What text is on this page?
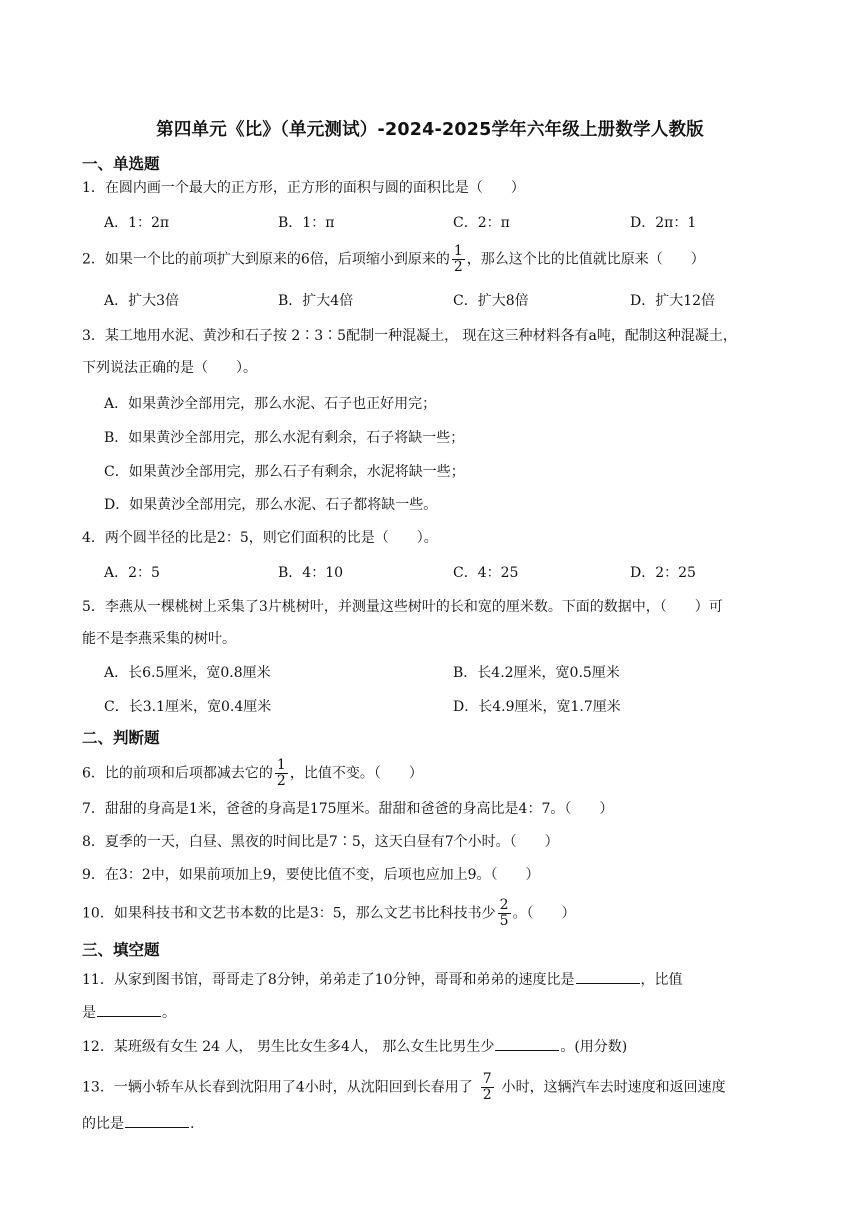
第四单元《比》（单元测试）-2024-2025学年六年级上册数学人教版
一、单选题
1．在圆内画一个最大的正方形，正方形的面积与圆的面积比是（　　）
A．1：2π	B．1：π	C．2：π	D．2π：1
2．如果一个比的前项扩大到原来的6倍，后项缩小到原来的 $\frac{1}{2}$ ，那么这个比的比值就比原来（　　）
A．扩大3倍	B．扩大4倍	C．扩大8倍	D．扩大12倍
3．某工地用水泥、黄沙和石子按 2∶3∶5配制一种混凝土， 现在这三种材料各有a吨，配制这种混凝土，
下列说法正确的是（　　）。
A．如果黄沙全部用完，那么水泥、石子也正好用完；
B．如果黄沙全部用完，那么水泥有剩余，石子将缺一些；
C．如果黄沙全部用完，那么石子有剩余，水泥将缺一些；
D．如果黄沙全部用完，那么水泥、石子都将缺一些。
4．两个圆半径的比是2：5，则它们面积的比是（　　）。
A．2：5	B．4：10	C．4：25	D．2：25
5．李燕从一棵桃树上采集了3片桃树叶，并测量这些树叶的长和宽的厘米数。下面的数据中，（　　）可
能不是李燕采集的树叶。
A．长6.5厘米，宽0.8厘米	B．长4.2厘米，宽0.5厘米
C．长3.1厘米，宽0.4厘米	D．长4.9厘米，宽1.7厘米
二、判断题
6．比的前项和后项都减去它的 $\frac{1}{2}$ ，比值不变。（　　）
7．甜甜的身高是1米，爸爸的身高是175厘米。甜甜和爸爸的身高比是4：7。（　　）
8．夏季的一天，白昼、黑夜的时间比是7∶5，这天白昼有7个小时。（　　）
9．在3：2中，如果前项加上9，要使比值不变，后项也应加上9。（　　）
10．如果科技书和文艺书本数的比是3：5，那么文艺书比科技书少 $\frac{2}{5}$ 。（　　）
三、填空题
11．从家到图书馆，哥哥走了8分钟，弟弟走了10分钟，哥哥和弟弟的速度比是	，比值
是	。
12．某班级有女生 24 人， 男生比女生多4人， 那么女生比男生少	。(用分数)
13．一辆小轿车从长春到沈阳用了4小时，从沈阳回到长春用了 $\frac{7}{2}$ 小时，这辆汽车去时速度和返回速度
的比是	.
